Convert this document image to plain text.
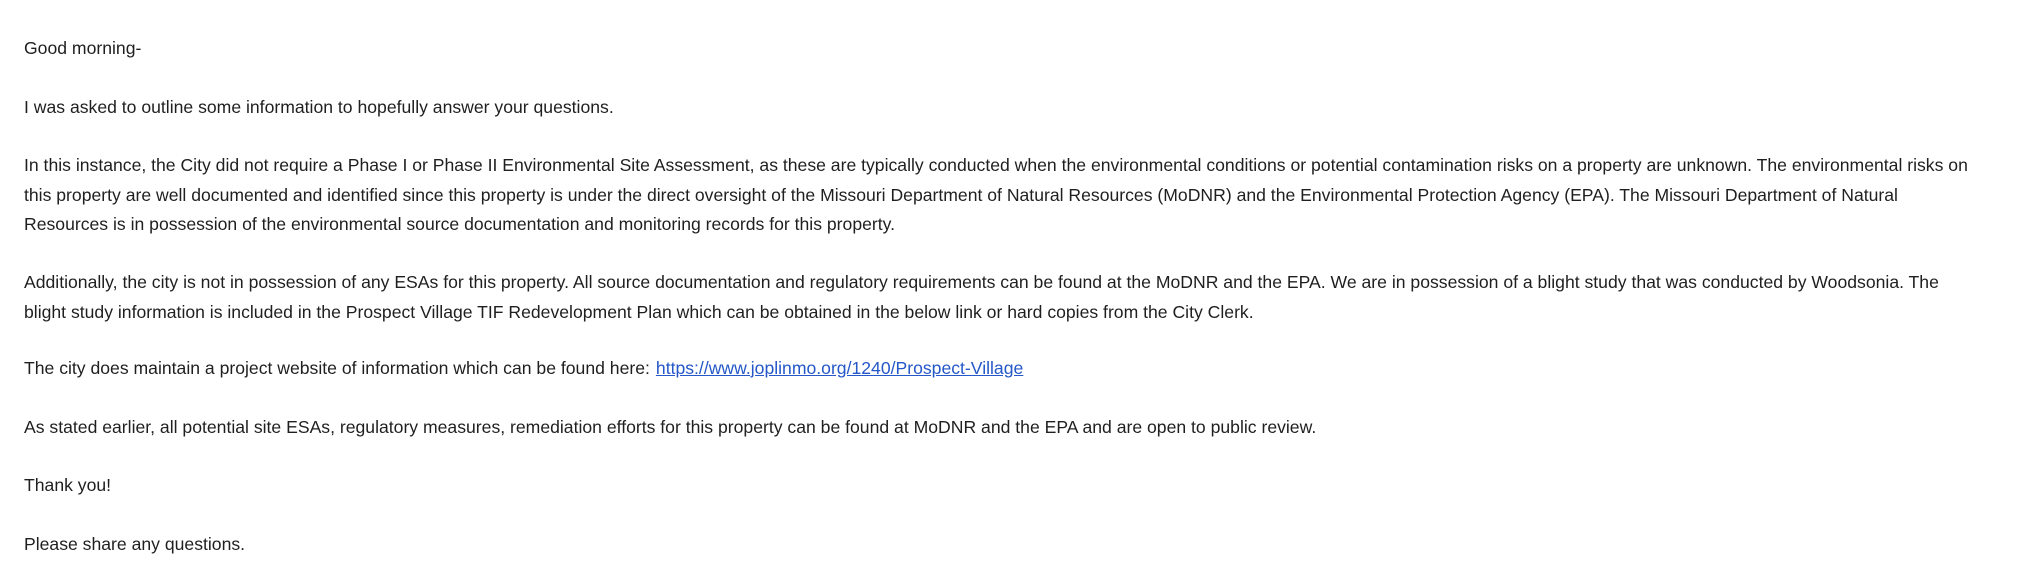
Good morning-

I was asked to outline some information to hopefully answer your questions.

In this instance, the City did not require a Phase I or Phase II Environmental Site Assessment, as these are typically conducted when the environmental conditions or potential contamination risks on a property are unknown. The environmental risks on
this property are well documented and identified since this property is under the direct oversight of the Missouri Department of Natural Resources (MoDNR) and the Environmental Protection Agency (EPA). The Missouri Department of Natural
Resources is in possession of the environmental source documentation and monitoring records for this property.

Additionally, the city is not in possession of any ESAs for this property. All source documentation and regulatory requirements can be found at the MoDNR and the EPA. We are in possession of a blight study that was conducted by Woodsonia. The
blight study information is included in the Prospect Village TIF Redevelopment Plan which can be obtained in the below link or hard copies from the City Clerk.

The city does maintain a project website of information which can be found here: https://www.joplinmo.org/1240/Prospect-Village

As stated earlier, all potential site ESAs, regulatory measures, remediation efforts for this property can be found at MoDNR and the EPA and are open to public review.

Thank you!

Please share any questions.
